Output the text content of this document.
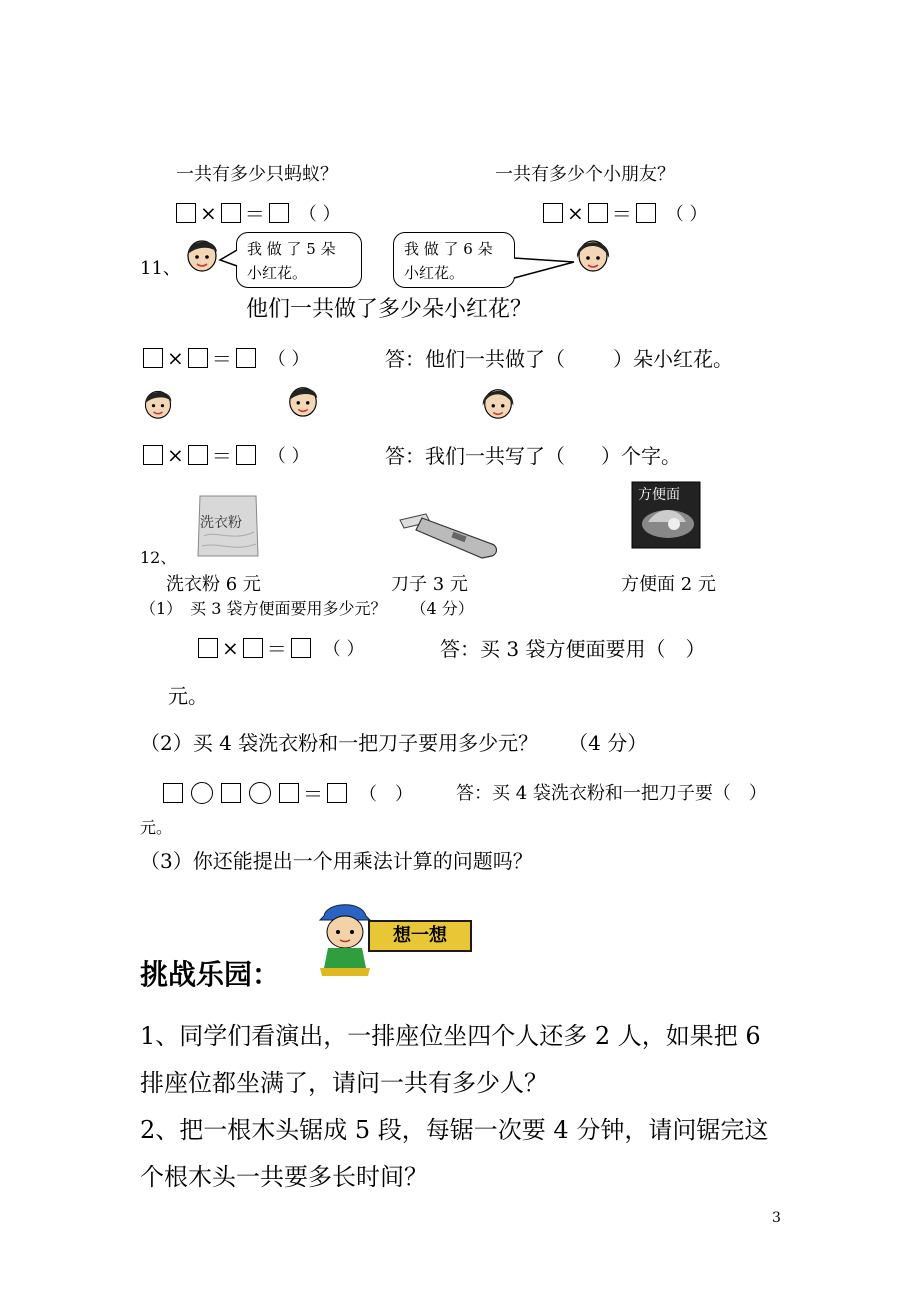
一共有多少只蚂蚁？	一共有多少个小朋友？
× ＝ （ ）	× ＝ （ ）
11、
我 做 了 5 朵
小红花。
我 做 了 6 朵
小红花。
他们一共做了多少朵小红花？
× ＝ （ ）	答：他们一共做了（ ）朵小红花。
× ＝ （ ）	答：我们一共写了（ ）个字。
12、
洗衣粉
方便面
洗衣粉 6 元	刀子 3 元	方便面 2 元
（1）　买 3 袋方便面要用多少元？　　（4 分）
× ＝ （ ）	答：买 3 袋方便面要用（　）
元。
（2）买 4 袋洗衣粉和一把刀子要用多少元？　　（4 分）
＝ （　） 答：买 4 袋洗衣粉和一把刀子要（　）
元。
（3）你还能提出一个用乘法计算的问题吗？
想一想
挑战乐园：
1、同学们看演出，一排座位坐四个人还多 2 人，如果把 6
排座位都坐满了，请问一共有多少人？
2、把一根木头锯成 5 段，每锯一次要 4 分钟，请问锯完这
个根木头一共要多长时间？
3
